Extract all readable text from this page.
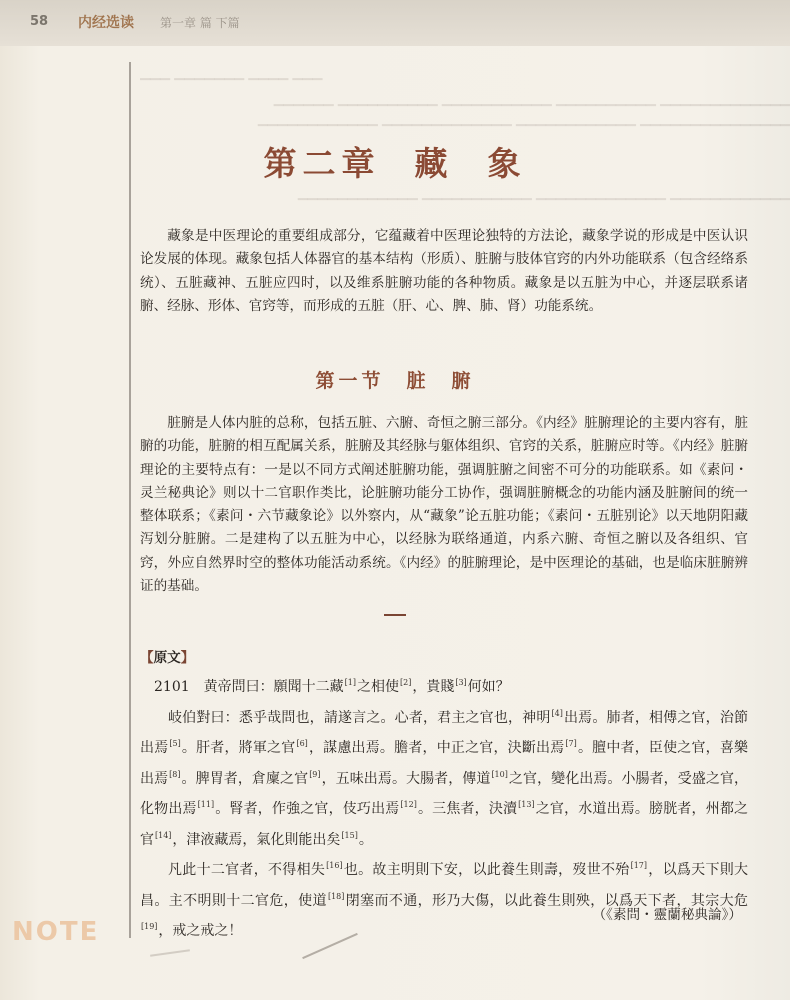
58 内经选读 第一章 篇 下篇
▁▁▁ ▁▁▁▁▁▁▁ ▁▁▁▁ ▁▁▁
▁▁▁▁▁▁ ▁▁▁▁▁▁▁▁▁▁ ▁▁▁▁▁▁▁▁▁▁▁ ▁▁▁▁▁▁▁▁▁▁ ▁▁▁▁▁▁▁▁▁▁▁▁▁
▁▁▁▁▁▁▁▁▁▁▁▁ ▁▁▁▁▁▁▁▁▁▁▁▁▁ ▁▁▁▁▁▁▁▁▁▁▁▁ ▁▁▁▁▁▁▁▁▁▁▁▁▁▁▁
▁▁▁▁▁▁▁▁▁▁▁▁ ▁▁▁▁▁▁▁▁▁▁▁ ▁▁▁▁▁▁▁▁▁▁▁▁▁ ▁▁▁▁▁▁▁▁▁▁▁▁
第二章 藏 象

藏象是中医理论的重要组成部分，它蕴藏着中医理论独特的方法论，藏象学说的形成是中医认识论发展的体现。藏象包括人体器官的基本结构（形质）、脏腑与肢体官窍的内外功能联系（包含经络系统）、五脏藏神、五脏应四时，以及维系脏腑功能的各种物质。藏象是以五脏为中心，并逐层联系诸腑、经脉、形体、官窍等，而形成的五脏（肝、心、脾、肺、肾）功能系统。

第一节 脏 腑

脏腑是人体内脏的总称，包括五脏、六腑、奇恒之腑三部分。《内经》脏腑理论的主要内容有，脏腑的功能，脏腑的相互配属关系，脏腑及其经脉与躯体组织、官窍的关系，脏腑应时等。《内经》脏腑理论的主要特点有：一是以不同方式阐述脏腑功能，强调脏腑之间密不可分的功能联系。如《素问・灵兰秘典论》则以十二官职作类比，论脏腑功能分工协作，强调脏腑概念的功能内涵及脏腑间的统一整体联系；《素问・六节藏象论》以外察内，从“藏象”论五脏功能；《素问・五脏别论》以天地阴阳藏泻划分脏腑。二是建构了以五脏为中心，以经脉为联络通道，内系六腑、奇恒之腑以及各组织、官窍，外应自然界时空的整体功能活动系统。《内经》的脏腑理论，是中医理论的基础，也是临床脏腑辨证的基础。

【原文】

2101　黄帝問曰：願聞十二藏[1]之相使[2]，貴賤[3]何如？

岐伯對曰：悉乎哉問也，請遂言之。心者，君主之官也，神明[4]出焉。肺者，相傅之官，治節出焉[5]。肝者，將軍之官[6]，謀慮出焉。膽者，中正之官，決斷出焉[7]。膻中者，臣使之官，喜樂出焉[8]。脾胃者，倉廩之官[9]，五味出焉。大腸者，傳道[10]之官，變化出焉。小腸者，受盛之官，化物出焉[11]。腎者，作強之官，伎巧出焉[12]。三焦者，決瀆[13]之官，水道出焉。膀胱者，州都之官[14]，津液藏焉，氣化則能出矣[15]。

凡此十二官者，不得相失[16]也。故主明則下安，以此養生則壽，歿世不殆[17]，以爲天下則大昌。主不明則十二官危，使道[18]閉塞而不通，形乃大傷，以此養生則殃，以爲天下者，其宗大危[19]，戒之戒之！

（《素問・靈蘭秘典論》）
NOTE
